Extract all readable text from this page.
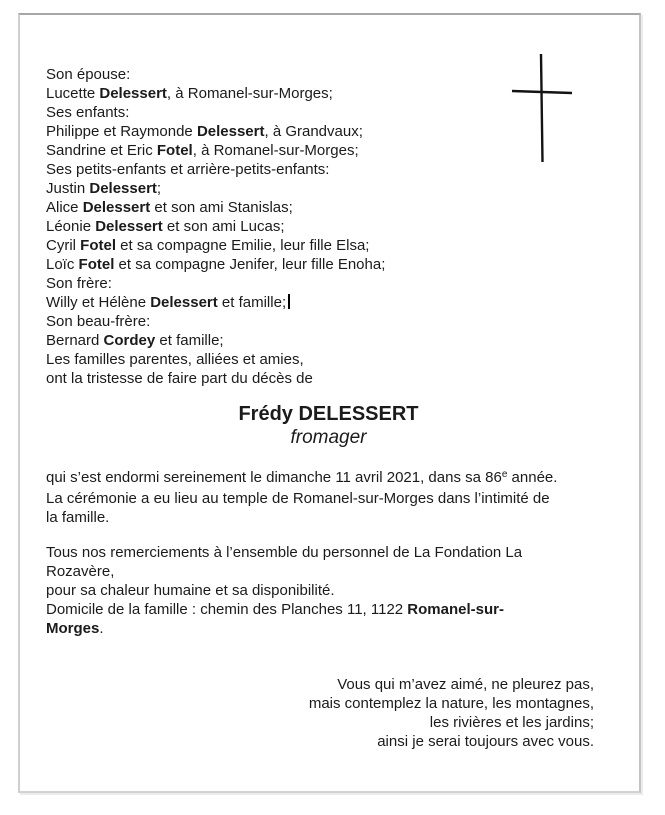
Son épouse:
Lucette Delessert, à Romanel-sur-Morges;
Ses enfants:
Philippe et Raymonde Delessert, à Grandvaux;
Sandrine et Eric Fotel, à Romanel-sur-Morges;
Ses petits-enfants et arrière-petits-enfants:
Justin Delessert;
Alice Delessert et son ami Stanislas;
Léonie Delessert et son ami Lucas;
Cyril Fotel et sa compagne Emilie, leur fille Elsa;
Loïc Fotel et sa compagne Jenifer, leur fille Enoha;
Son frère:
Willy et Hélène Delessert et famille;
Son beau-frère:
Bernard Cordey et famille;
Les familles parentes, alliées et amies,
ont la tristesse de faire part du décès de
Frédy DELESSERT
fromager
qui s’est endormi sereinement le dimanche 11 avril 2021, dans sa 86e année.
La cérémonie a eu lieu au temple de Romanel-sur-Morges dans l’intimité de
la famille.
Tous nos remerciements à l’ensemble du personnel de La Fondation La
Rozavère,
pour sa chaleur humaine et sa disponibilité.
Domicile de la famille : chemin des Planches 11, 1122 Romanel-sur-
Morges.
Vous qui m’avez aimé, ne pleurez pas,
mais contemplez la nature, les montagnes,
les rivières et les jardins;
ainsi je serai toujours avec vous.
